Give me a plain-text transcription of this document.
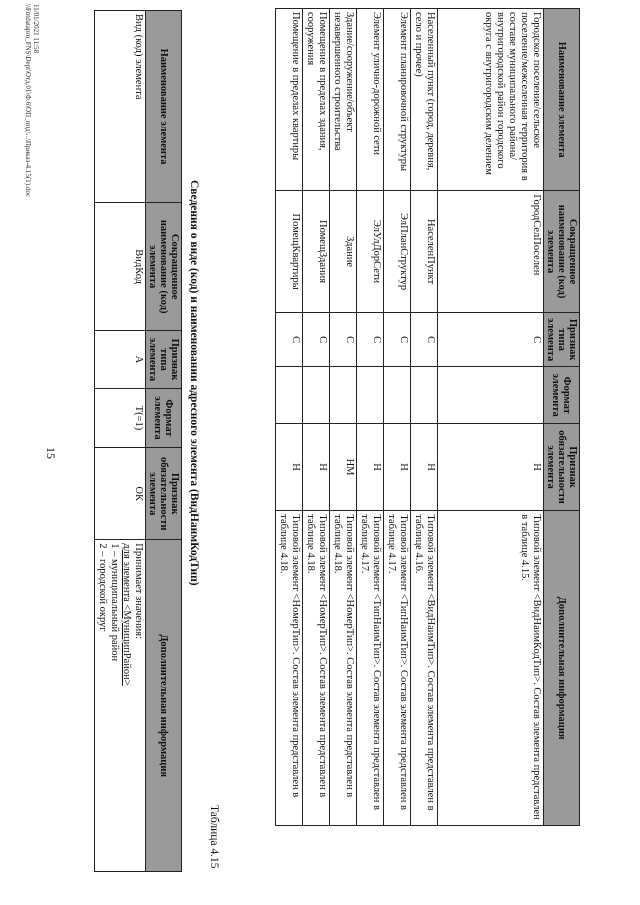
15
Наименование элемента	Сокращенное наименование (код) элемента	Признак типа элемента	Формат элемента	Признак обязательности элемента	Дополнительная информация
Городское поселение/сельское поселение/межселенная территория в составе муниципального района/внутригородской район городского округа с внутригородским делением	ГородСелПоселен	С		Н	Типовой элемент <ВидНаимКодТип>. Состав элемента представлен в таблице 4.15.
Населенный пункт (город, деревня, село и прочее)	НаселенПункт	С		Н	Типовой элемент <ВидНаимТип>. Состав элемента представлен в таблице 4.16.
Элемент планировочной структуры	ЭлПланСтруктур	С		Н	Типовой элемент <ТипНаимТип>. Состав элемента представлен в таблице 4.17.
Элемент улично-дорожной сети	ЭлУлДорСети	С		Н	Типовой элемент <ТипНаимТип>. Состав элемента представлен в таблице 4.17.
Здание/сооружение/объект незавершенного строительства	Здание	С		НМ	Типовой элемент <НомерТип>. Состав элемента представлен в таблице 4.18.
Помещение в пределах здания, сооружения	ПомещЗдания	С		Н	Типовой элемент <НомерТип>. Состав элемента представлен в таблице 4.18.
Помещение в пределах квартиры	ПомещКвартиры	С		Н	Типовой элемент <НомерТип>. Состав элемента представлен в таблице 4.18.
Таблица 4.15
Сведения о виде (код) и наименовании адресного элемента (ВидНаимКодТип)
Наименование элемента	Сокращенное наименование (код) элемента	Признак типа элемента	Формат элемента	Признак обязательности элемента	Дополнительная информация
Вид (код) элемента	ВидКод	А	Т(=1)	ОК	Принимает значения:
для элемента <МуниципРайон>
1 – муниципальный район
2 – городской округ
11/01/2021 11:58
\\Fntdatapro_FNS\Dept\Отд.01\Ф.6\ОП_ппд\...\Приказ-4.15(1).doc
